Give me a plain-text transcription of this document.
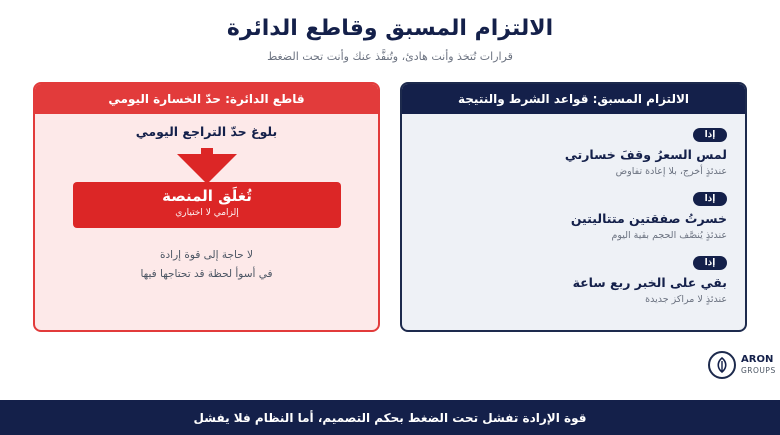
الالتزام المسبق وقاطع الدائرة
قرارات تُتخذ وأنت هادئ، وتُنفَّذ عنك وأنت تحت الضغط
الالتزام المسبق: قواعد الشرط والنتيجة
إذا
لمس السعرُ وقفَ خسارتي
عندئذٍ أخرج، بلا إعادة تفاوض
إذا
خسرتُ صفقتين متتاليتين
عندئذٍ يُنصَّف الحجم بقية اليوم
إذا
بقي على الخبر ربع ساعة
عندئذٍ لا مراكز جديدة
قاطع الدائرة: حدّ الخسارة اليومي
بلوغ حدّ التراجع اليومي
تُغلَق المنصة
إلزامي لا اختياري
لا حاجة إلى قوة إرادة
في أسوأ لحظة قد تحتاجها فيها
ARON
GROUPS
قوة الإرادة تفشل تحت الضغط بحكم التصميم، أما النظام فلا يفشل
